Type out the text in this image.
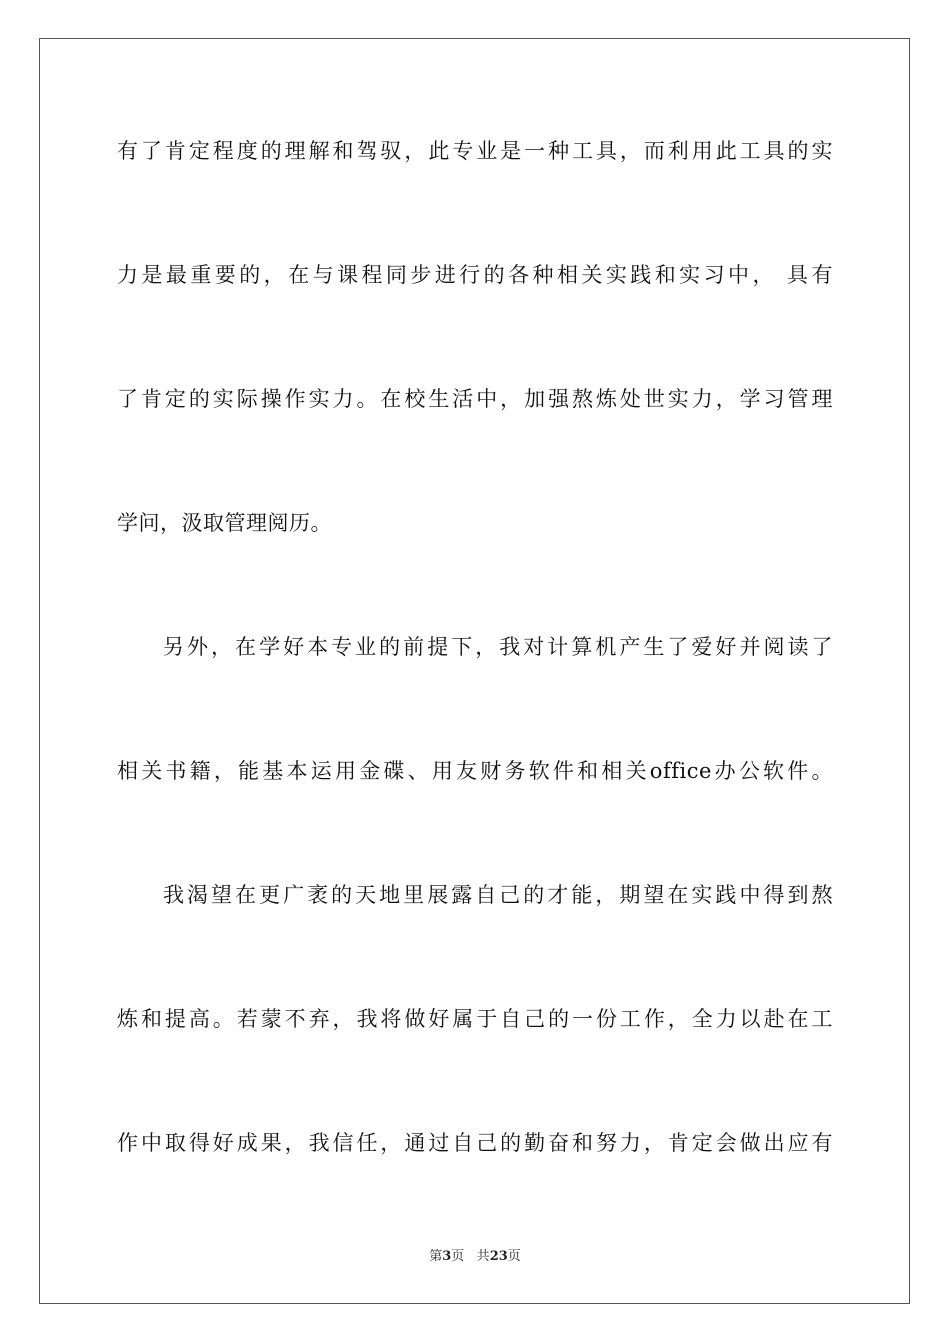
有了肯定程度的理解和驾驭，此专业是一种工具，而利用此工具的实
力是最重要的，在与课程同步进行的各种相关实践和实习中， 具有
了肯定的实际操作实力。在校生活中，加强熬炼处世实力，学习管理
学问，汲取管理阅历。
另外，在学好本专业的前提下，我对计算机产生了爱好并阅读了
相关书籍，能基本运用金碟、用友财务软件和相关office办公软件。
我渴望在更广袤的天地里展露自己的才能，期望在实践中得到熬
炼和提高。若蒙不弃，我将做好属于自己的一份工作，全力以赴在工
作中取得好成果，我信任，通过自己的勤奋和努力，肯定会做出应有
第3页 共23页
